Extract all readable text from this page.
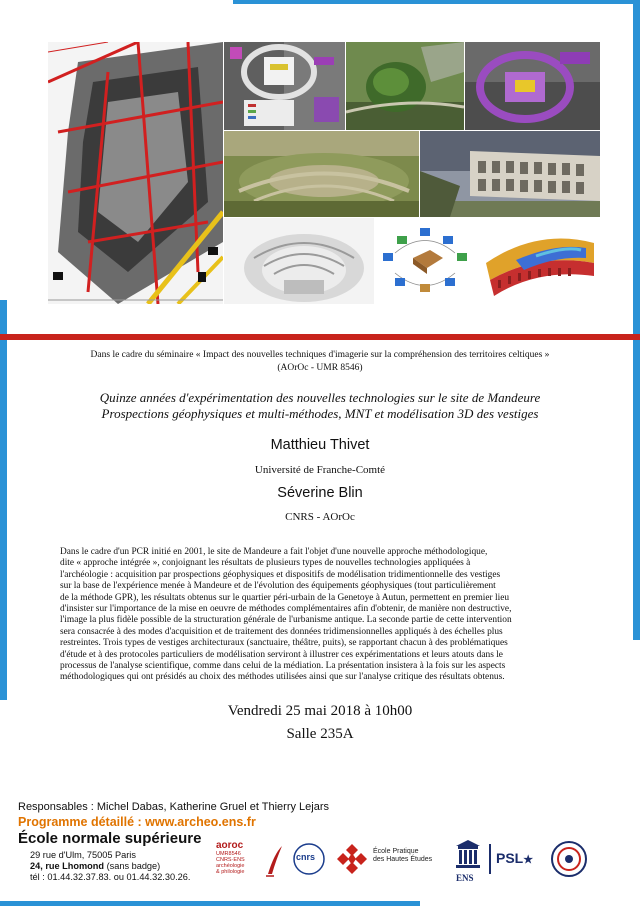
Dans le cadre du séminaire « Impact des nouvelles techniques d'imagerie sur la compréhension des territoires celtiques »
(AOrOc - UMR 8546)
Quinze années d'expérimentation des nouvelles technologies sur le site de Mandeure
Prospections géophysiques et multi-méthodes, MNT et modélisation 3D des vestiges
Matthieu Thivet
Université de Franche-Comté
Séverine Blin
CNRS - AOrOc
Dans le cadre d'un PCR initié en 2001, le site de Mandeure a fait l'objet d'une nouvelle approche méthodologique,
dite « approche intégrée », conjoignant les résultats de plusieurs types de nouvelles technologies appliquées à
l'archéologie : acquisition par prospections géophysiques et dispositifs de modélisation tridimentionnelle des vestiges
sur la base de l'expérience menée à Mandeure et de l'évolution des équipements géophysiques (tout particulièrement
de la méthode GPR), les résultats obtenus sur le quartier péri-urbain de la Genetoye à Autun, permettent en premier lieu
d'insister sur l'importance de la mise en oeuvre de méthodes complémentaires afin d'obtenir, de manière non destructive,
l'image la plus fidèle possible de la structuration générale de l'urbanisme antique. La seconde partie de cette intervention
sera consacrée à des modes d'acquisition et de traitement des données tridimensionnelles appliqués à des échelles plus
restreintes. Trois types de vestiges architecturaux (sanctuaire, théâtre, puits), se rapportant chacun à des problématiques
d'étude et à des protocoles particuliers de modélisation serviront à illustrer ces expérimentations et leurs atouts dans le
processus de l'analyse scientifique, comme dans celui de la médiation. La présentation insistera à la fois sur les aspects
méthodologiques qui ont présidés au choix des méthodes utilisées ainsi que sur l'analyse critique des résultats obtenus.
Vendredi 25 mai 2018 à 10h00
Salle 235A
Responsables : Michel Dabas, Katherine Gruel et Thierry Lejars
Programme détaillé : www.archeo.ens.fr
École normale supérieure
29 rue d'Ulm, 75005 Paris
24, rue Lhomond (sans badge)
tél : 01.44.32.37.83. ou 01.44.32.30.26.
aoroc
UMR8546
CNRS·ENS
archéologie
& philologie
cnrs
École Pratique
des Hautes Études
ENS
PSL★
